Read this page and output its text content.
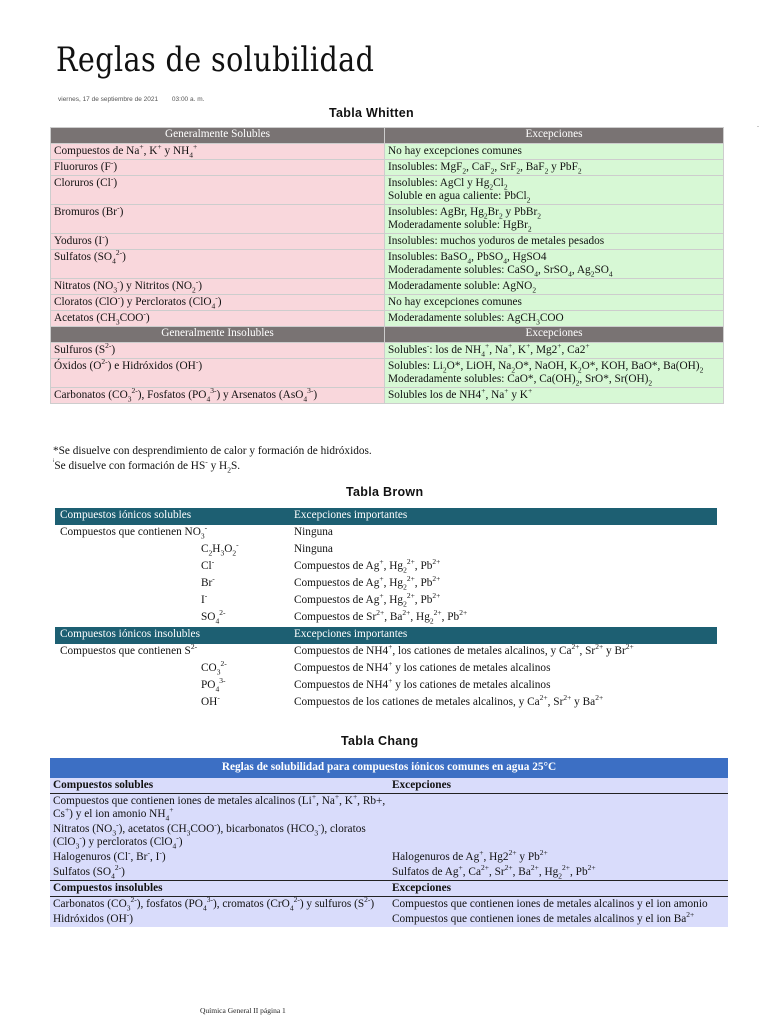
Reglas de solubilidad
viernes, 17 de septiembre de 2021 03:00 a. m.
.
Tabla Whitten
Generalmente Solubles	Excepciones
Compuestos de Na+, K+ y $NH_4^+$	No hay excepciones comunes
Fluoruros (F-)	Insolubles: MgF$_2$, CaF$_2$, SrF$_2$, BaF$_2$ y PbF$_2$
Cloruros (Cl-)	Insolubles: AgCl y $Hg_2Cl_2$
Soluble en agua caliente: PbCl$_2$
Bromuros (Br-)	Insolubles: AgBr, $Hg_2Br_2$ y PbBr$_2$
Moderadamente soluble: HgBr$_2$
Yoduros (I-)	Insolubles: muchos yoduros de metales pesados
Sulfatos $(SO_4^{2-})$	Insolubles: BaSO$_4$, PbSO$_4$, HgSO4
Moderadamente solubles: CaSO$_4$, SrSO$_4$, $Ag_2SO_4$
Nitratos $(NO_3^-)$ y Nitritos $(NO_2^-)$	Moderadamente soluble: AgNO$_2$
Cloratos (ClO-) y Percloratos (ClO$_4$-)	No hay excepciones comunes
Acetatos $(CH_3COO^-)$	Moderadamente solubles: AgCH$_3$COO
Generalmente Insolubles	Excepciones
Sulfuros $(S^{2-})$	Solubles-: los de $NH_4^+$, Na+, K+, Mg2+, Ca2+
Óxidos $(O^{2-})$ e Hidróxidos (OH-)	Solubles: $Li_2O*$, LiOH, $Na_2O*$, NaOH, $K_2O*$, KOH, BaO*, $Ba(OH)_2$
Moderadamente solubles: CaO*, $Ca(OH)_2$, SrO*, $Sr(OH)_2$
Carbonatos $(CO_3^{2-})$, Fosfatos $(PO_4^{3-})$ y Arsenatos (AsO$_4^{3-}$)	Solubles los de NH4+, Na+ y K+
*Se disuelve con desprendimiento de calor y formación de hidróxidos.
$^{^i}$Se disuelve con formación de HS- y $H_2S$.
Tabla Brown
Compuestos iónicos solubles	Excepciones importantes
Compuestos que contienen $NO_3^-$	Ninguna
$C_2H_3O_2^-$	Ninguna
Cl-	Compuestos de Ag+, $Hg_2^{2+}$, $Pb^{2+}$
Br-	Compuestos de Ag+, $Hg_2^{2+}$, $Pb^{2+}$
I-	Compuestos de Ag+, $Hg_2^{2+}$, $Pb^{2+}$
$SO_4^{2-}$	Compuestos de $Sr^{2+}$, $Ba^{2+}$, $Hg_2^{2+}$, $Pb^{2+}$
Compuestos iónicos insolubles	Excepciones importantes
Compuestos que contienen $S^{2-}$	Compuestos de NH4+, los cationes de metales alcalinos, y $Ca^{2+}$, $Sr^{2+}$ y $Br^{2+}$
$CO_3^{2-}$	Compuestos de NH4+ y los cationes de metales alcalinos
$PO_4^{3-}$	Compuestos de NH4+ y los cationes de metales alcalinos
OH-	Compuestos de los cationes de metales alcalinos, y $Ca^{2+}$, $Sr^{2+}$ y $Ba^{2+}$
Tabla Chang
Reglas de solubilidad para compuestos iónicos comunes en agua 25°C	
Compuestos solubles	Excepciones
Compuestos que contienen iones de metales alcalinos (Li+, Na+, K+, Rb+, Cs+) y el ion amonio $NH_4^+$	
Nitratos $(NO_3^-)$, acetatos $(CH_3COO^-)$, bicarbonatos $(HCO_3^-)$, cloratos (ClO$_3$-) y percloratos (ClO$_4$-)	
Halogenuros (Cl-, Br-, I-)	Halogenuros de Ag+, $Hg2^{2+}$ y $Pb^{2+}$
Sulfatos $(SO_4^{2-})$	Sulfatos de Ag+, $Ca^{2+}$, $Sr^{2+}$, $Ba^{2+}$, $Hg_2^{2+}$, $Pb^{2+}$
Compuestos insolubles	Excepciones
Carbonatos $(CO_3^{2-})$, fosfatos $(PO_4^{3-})$, cromatos (CrO$_4^{2-}$) y sulfuros $(S^{2-})$	Compuestos que contienen iones de metales alcalinos y el ion amonio
Hidróxidos (OH-)	Compuestos que contienen iones de metales alcalinos y el ion $Ba^{2+}$
Química General II página 1
